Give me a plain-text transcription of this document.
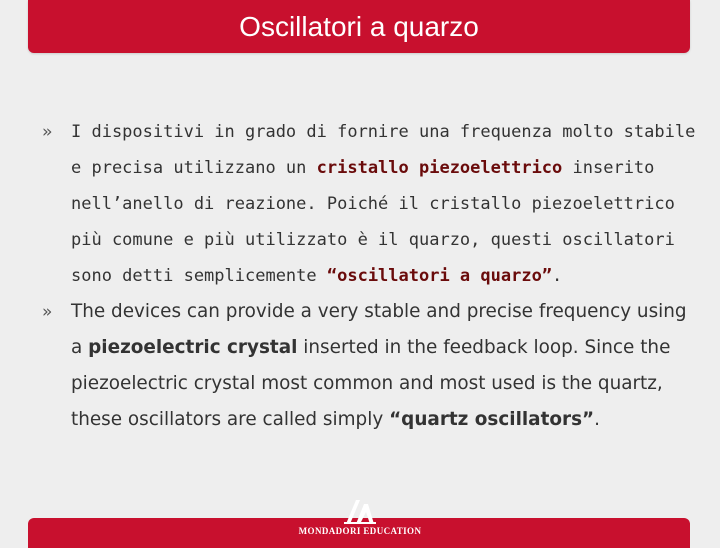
Oscillatori a quarzo
» I dispositivi in grado di fornire una frequenza molto stabile e precisa utilizzano un cristallo piezoelettrico inserito nell’anello di reazione. Poiché il cristallo piezoelettrico più comune e più utilizzato è il quarzo, questi oscillatori sono detti semplicemente “oscillatori a quarzo”.
» The devices can provide a very stable and precise frequency using a piezoelectric crystal inserted in the feedback loop. Since the piezoelectric crystal most common and most used is the quartz, these oscillators are called simply “quartz oscillators”.
MONDADORI EDUCATION
